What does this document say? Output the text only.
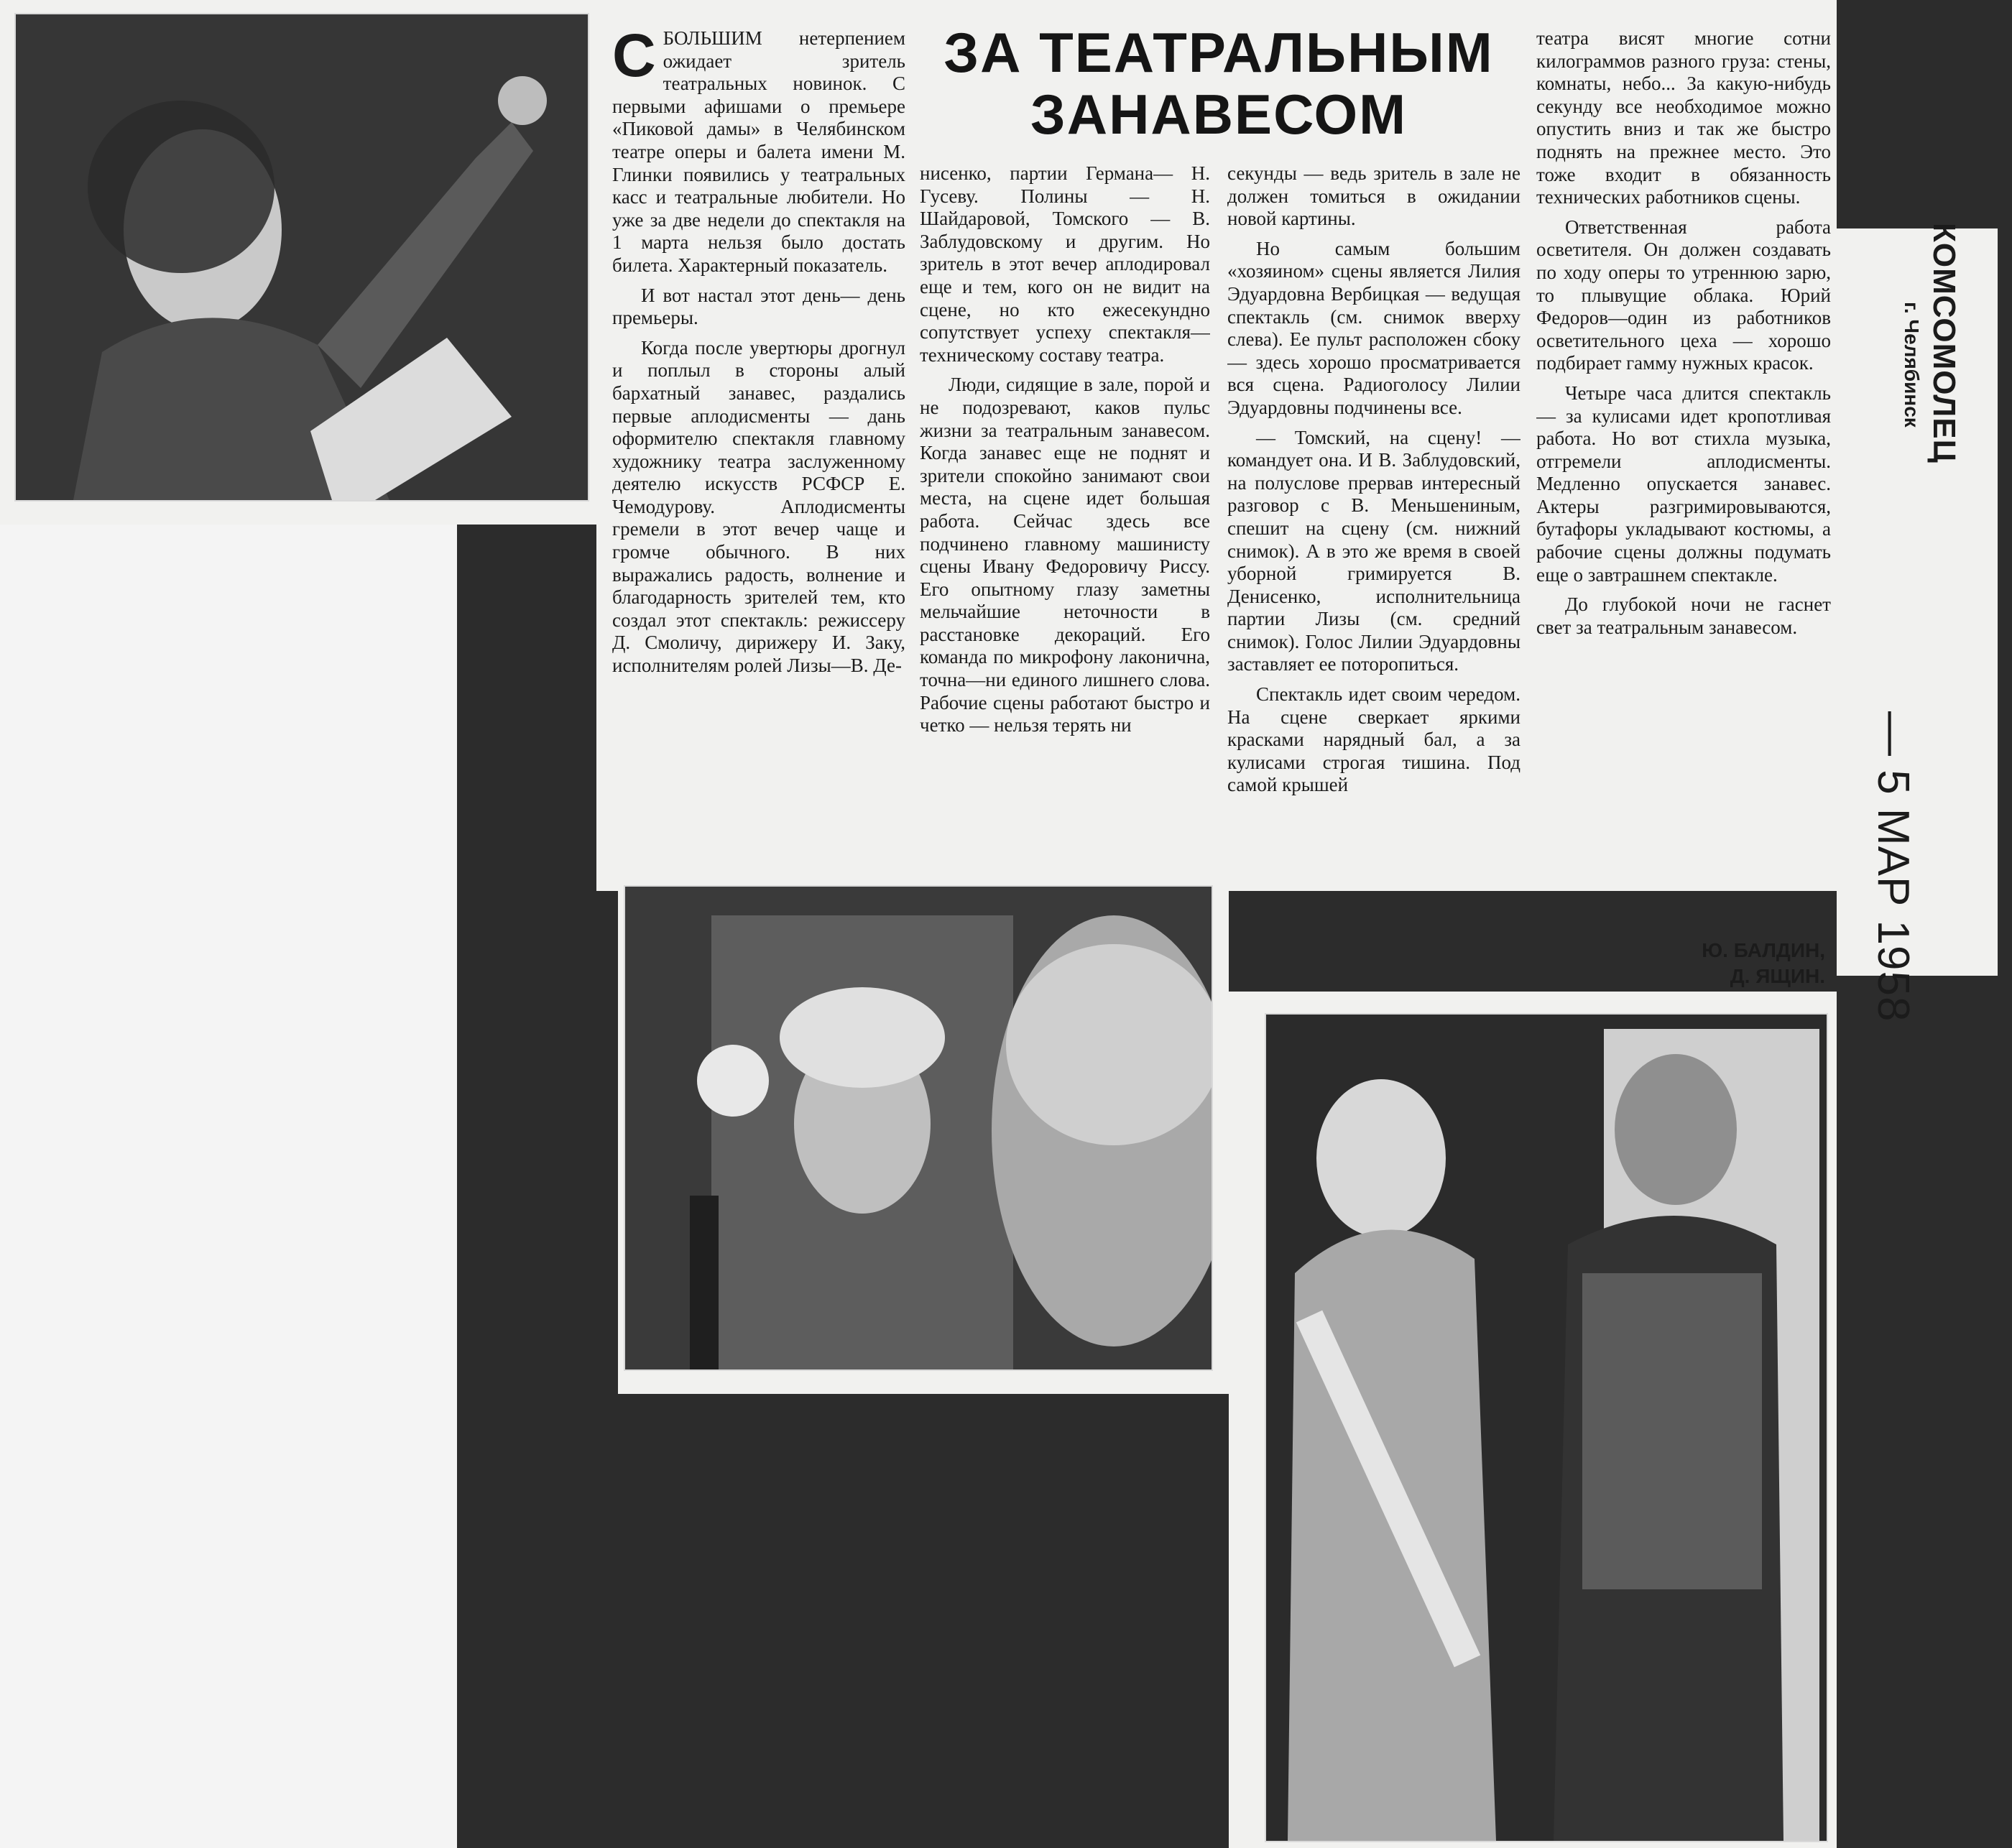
ЗА ТЕАТРАЛЬНЫМ
ЗАНАВЕСОМ

СБОЛЬШИМ нетерпением ожидает зритель театральных новинок. С первыми афишами о премьере «Пиковой дамы» в Челябинском театре оперы и балета имени М. Глинки появились у театральных касс и театральные любители. Но уже за две недели до спектакля на 1 марта нельзя было достать билета. Характерный показатель.

И вот настал этот день— день премьеры.

Когда после увертюры дрогнул и поплыл в стороны алый бархатный занавес, раздались первые аплодисменты — дань оформителю спектакля главному художнику театра заслуженному деятелю искусств РСФСР Е. Чемодурову. Аплодисменты гремели в этот вечер чаще и громче обычного. В них выражались радость, волнение и благодарность зрителей тем, кто создал этот спектакль: режиссеру Д. Смоличу, дирижеру И. Заку, исполнителям ролей Лизы—В. Де-

нисенко, партии Германа— Н. Гусеву. Полины — Н. Шайдаровой, Томского — В. Заблудовскому и другим. Но зритель в этот вечер аплодировал еще и тем, кого он не видит на сцене, но кто ежесекундно сопутствует успеху спектакля—техническому составу театра.

Люди, сидящие в зале, порой и не подозревают, каков пульс жизни за театральным занавесом. Когда занавес еще не поднят и зрители спокойно занимают свои места, на сцене идет большая работа. Сейчас здесь все подчинено главному машинисту сцены Ивану Федоровичу Риссу. Его опытному глазу заметны мельчайшие неточности в расстановке декораций. Его команда по микрофону лаконична, точна—ни единого лишнего слова. Рабочие сцены работают быстро и четко — нельзя терять ни

секунды — ведь зритель в зале не должен томиться в ожидании новой картины.

Но самым большим «хозяином» сцены является Лилия Эдуардовна Вербицкая — ведущая спектакль (см. снимок вверху слева). Ее пульт расположен сбоку — здесь хорошо просматривается вся сцена. Радиоголосу Лилии Эдуардовны подчинены все.

— Томский, на сцену! — командует она. И В. Заблудовский, на полуслове прервав интересный разговор с В. Меньшениным, спешит на сцену (см. нижний снимок). А в это же время в своей уборной гримируется В. Денисенко, исполнительница партии Лизы (см. средний снимок). Голос Лилии Эдуардовны заставляет ее поторопиться.

Спектакль идет своим чередом. На сцене сверкает яркими красками нарядный бал, а за кулисами строгая тишина. Под самой крышей

театра висят многие сотни килограммов разного груза: стены, комнаты, небо... За какую-нибудь секунду все необходимое можно опустить вниз и так же быстро поднять на прежнее место. Это тоже входит в обязанность технических работников сцены.

Ответственная работа осветителя. Он должен создавать по ходу оперы то утреннюю зарю, то плывущие облака. Юрий Федоров—один из работников осветительного цеха — хорошо подбирает гамму нужных красок.

Четыре часа длится спектакль — за кулисами идет кропотливая работа. Но вот стихла музыка, отгремели аплодисменты. Медленно опускается занавес. Актеры разгримировываются, бутафоры укладывают костюмы, а рабочие сцены должны подумать еще о завтрашнем спектакле.

До глубокой ночи не гаснет свет за театральным занавесом.

Ю. БАЛДИН,
Д. ЯЩИН.
КОМСОМОЛЕЦ
г. Челябинск
— 5 МАР 1958
